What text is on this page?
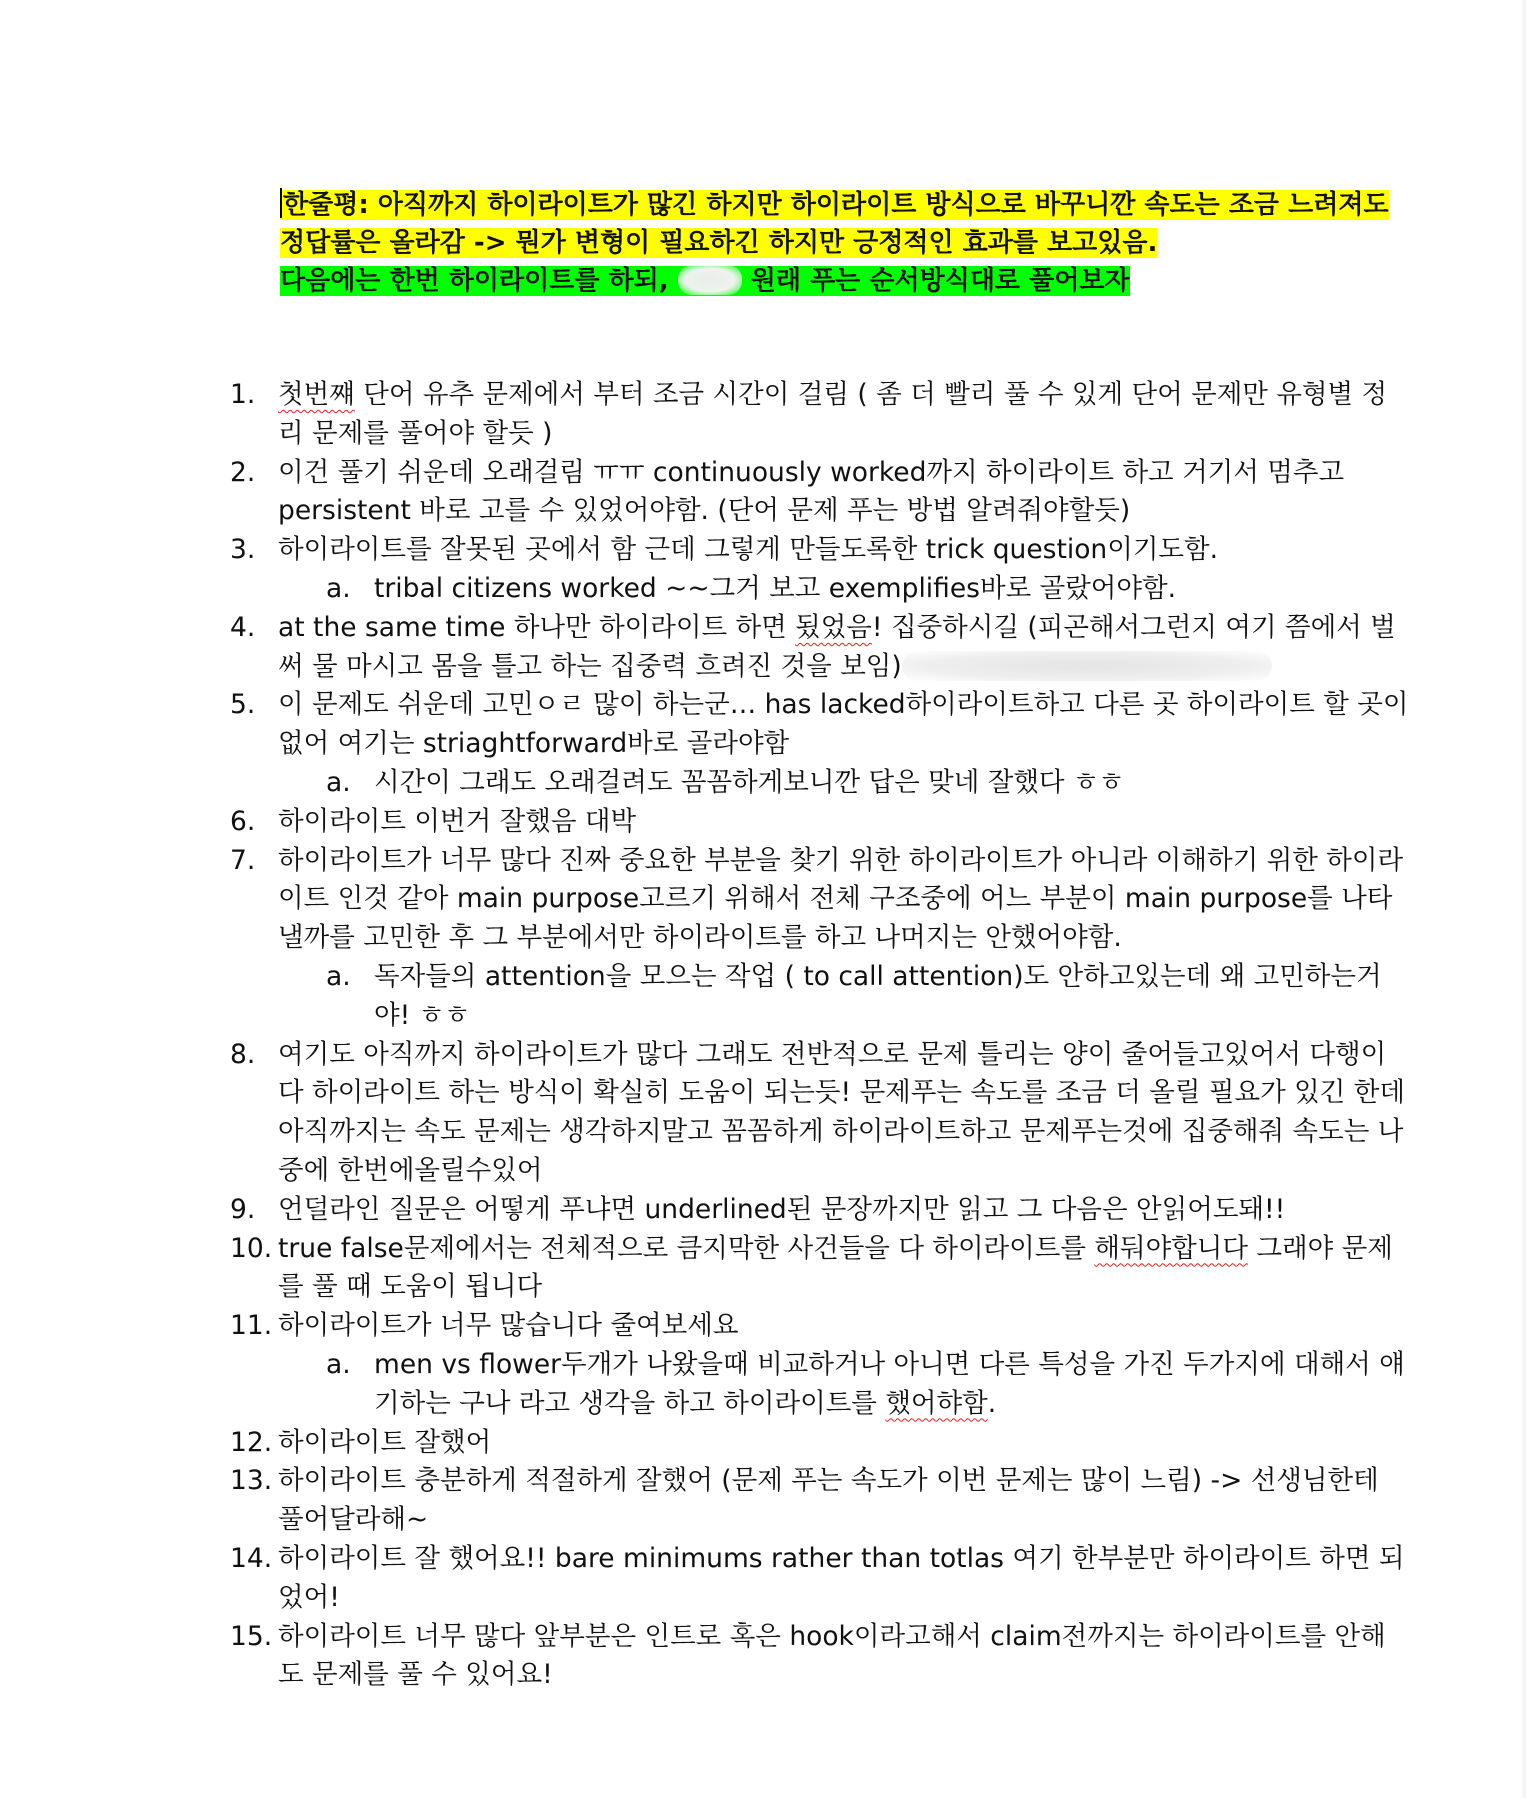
한줄평: 아직까지 하이라이트가 많긴 하지만 하이라이트 방식으로 바꾸니깐 속도는 조금 느려져도
정답률은 올라감 -> 뭔가 변형이 필요하긴 하지만 긍정적인 효과를 보고있음.
다음에는 한번 하이라이트를 하되,	원래 푸는 순서방식대로 풀어보자
1. 첫번쨰 단어 유추 문제에서 부터 조금 시간이 걸림 ( 좀 더 빨리 풀 수 있게 단어 문제만 유형별 정리 문제를 풀어야 할듯 )
2. 이건 풀기 쉬운데 오래걸림 ㅠㅠ continuously worked까지 하이라이트 하고 거기서 멈추고 persistent 바로 고를 수 있었어야함. (단어 문제 푸는 방법 알려줘야할듯)
3. 하이라이트를 잘못된 곳에서 함 근데 그렇게 만들도록한 trick question이기도함.
a. tribal citizens worked ~~그거 보고 exemplifies바로 골랐어야함.
4. at the same time 하나만 하이라이트 하면 됬었음! 집중하시길 (피곤해서그런지 여기 쯤에서 벌써 물 마시고 몸을 틀고 하는 집중력 흐려진 것을 보임)
5. 이 문제도 쉬운데 고민ㅇㄹ 많이 하는군… has lacked하이라이트하고 다른 곳 하이라이트 할 곳이 없어 여기는 striaghtforward바로 골라야함
a. 시간이 그래도 오래걸려도 꼼꼼하게보니깐 답은 맞네 잘했다 ㅎㅎ
6. 하이라이트 이번거 잘했음 대박
7. 하이라이트가 너무 많다 진짜 중요한 부분을 찾기 위한 하이라이트가 아니라 이해하기 위한 하이라이트 인것 같아 main purpose고르기 위해서 전체 구조중에 어느 부분이 main purpose를 나타낼까를 고민한 후 그 부분에서만 하이라이트를 하고 나머지는 안했어야함.
a. 독자들의 attention을 모으는 작업 ( to call attention)도 안하고있는데 왜 고민하는거야! ㅎㅎ
8. 여기도 아직까지 하이라이트가 많다 그래도 전반적으로 문제 틀리는 양이 줄어들고있어서 다행이다 하이라이트 하는 방식이 확실히 도움이 되는듯! 문제푸는 속도를 조금 더 올릴 필요가 있긴 한데 아직까지는 속도 문제는 생각하지말고 꼼꼼하게 하이라이트하고 문제푸는것에 집중해줘 속도는 나중에 한번에올릴수있어
9. 언덜라인 질문은 어떻게 푸냐면 underlined된 문장까지만 읽고 그 다음은 안읽어도돼!!
10. true false문제에서는 전체적으로 큼지막한 사건들을 다 하이라이트를 해둬야합니다 그래야 문제를 풀 때 도움이 됩니다
11. 하이라이트가 너무 많습니다 줄여보세요
a. men vs flower두개가 나왔을때 비교하거나 아니면 다른 특성을 가진 두가지에 대해서 얘기하는 구나 라고 생각을 하고 하이라이트를 했어햐함.
12. 하이라이트 잘했어
13. 하이라이트 충분하게 적절하게 잘했어 (문제 푸는 속도가 이번 문제는 많이 느림) -> 선생님한테 풀어달라해~
14. 하이라이트 잘 했어요!! bare minimums rather than totlas 여기 한부분만 하이라이트 하면 되었어!
15. 하이라이트 너무 많다 앞부분은 인트로 혹은 hook이라고해서 claim전까지는 하이라이트를 안해도 문제를 풀 수 있어요!
